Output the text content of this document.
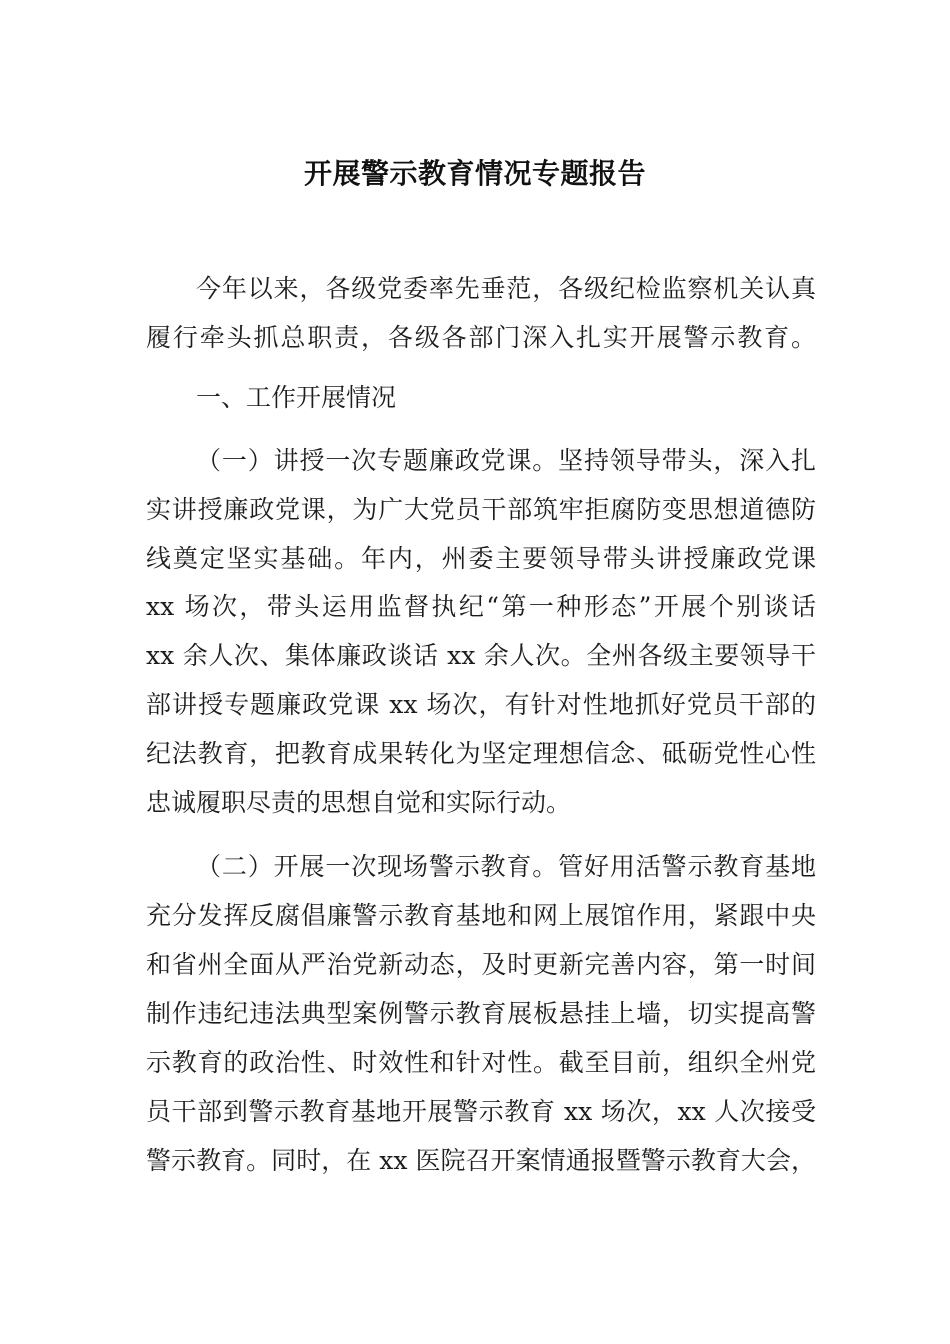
开展警示教育情况专题报告
今年以来，各级党委率先垂范，各级纪检监察机关认真
履行牵头抓总职责，各级各部门深入扎实开展警示教育。
一、工作开展情况
（一）讲授一次专题廉政党课。坚持领导带头，深入扎
实讲授廉政党课，为广大党员干部筑牢拒腐防变思想道德防
线奠定坚实基础。年内，州委主要领导带头讲授廉政党课
xx 场次，带头运用监督执纪“第一种形态”开展个别谈话
xx 余人次、集体廉政谈话 xx 余人次。全州各级主要领导干
部讲授专题廉政党课 xx 场次，有针对性地抓好党员干部的
纪法教育，把教育成果转化为坚定理想信念、砥砺党性心性
忠诚履职尽责的思想自觉和实际行动。
（二）开展一次现场警示教育。管好用活警示教育基地
充分发挥反腐倡廉警示教育基地和网上展馆作用，紧跟中央
和省州全面从严治党新动态，及时更新完善内容，第一时间
制作违纪违法典型案例警示教育展板悬挂上墙，切实提高警
示教育的政治性、时效性和针对性。截至目前，组织全州党
员干部到警示教育基地开展警示教育 xx 场次，xx 人次接受
警示教育。同时，在 xx 医院召开案情通报暨警示教育大会，
